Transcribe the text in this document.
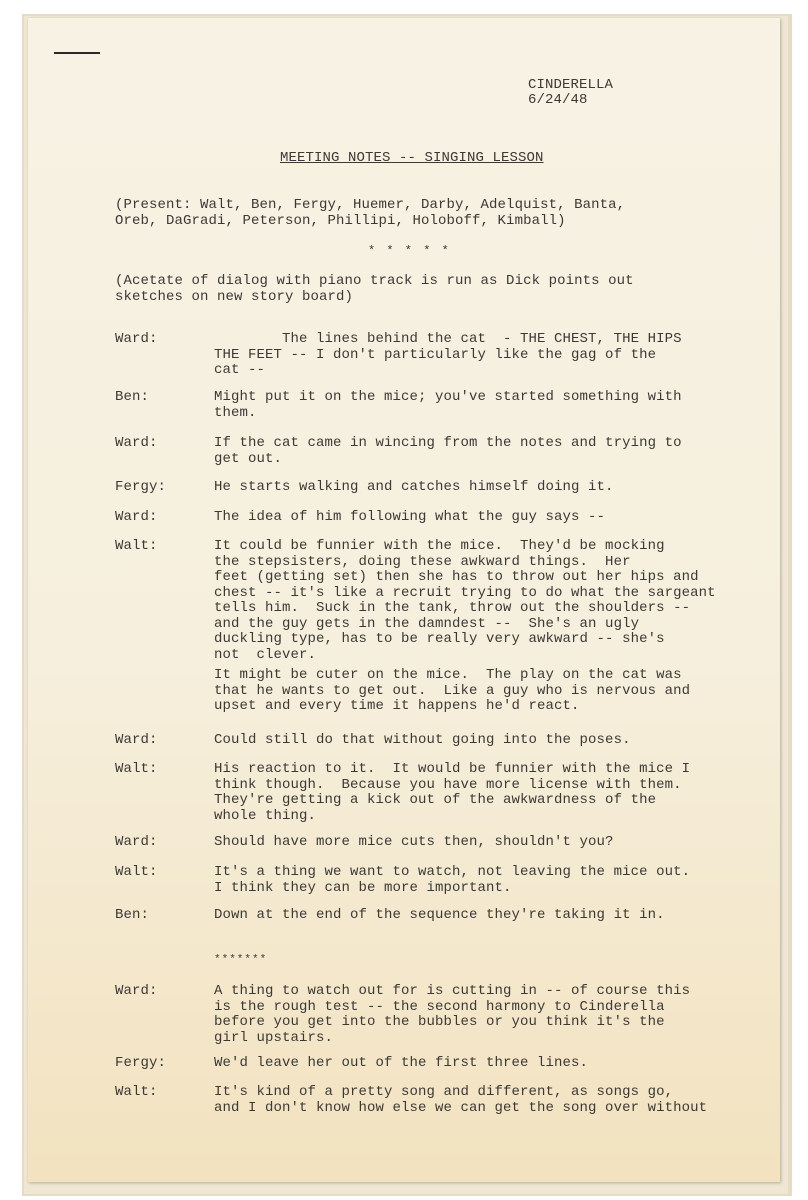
CINDERELLA
6/24/48
MEETING NOTES -- SINGING LESSON
(Present: Walt, Ben, Fergy, Huemer, Darby, Adelquist, Banta,
Oreb, DaGradi, Peterson, Phillipi, Holoboff, Kimball)
* * * * *
(Acetate of dialog with piano track is run as Dick points out
sketches on new story board)
Ward:	The lines behind the cat  - THE CHEST, THE HIPS
THE FEET -- I don't particularly like the gag of the
cat --
Ben:	Might put it on the mice; you've started something with
them.
Ward:	If the cat came in wincing from the notes and trying to
get out.
Fergy:	He starts walking and catches himself doing it.
Ward:	The idea of him following what the guy says --
Walt:	It could be funnier with the mice.  They'd be mocking
the stepsisters, doing these awkward things.  Her
feet (getting set) then she has to throw out her hips and
chest -- it's like a recruit trying to do what the sargeant
tells him.  Suck in the tank, throw out the shoulders --
and the guy gets in the damndest --  She's an ugly
duckling type, has to be really very awkward -- she's
not  clever.
It might be cuter on the mice.  The play on the cat was
that he wants to get out.  Like a guy who is nervous and
upset and every time it happens he'd react.
Ward:	Could still do that without going into the poses.
Walt:	His reaction to it.  It would be funnier with the mice I
think though.  Because you have more license with them.
They're getting a kick out of the awkwardness of the
whole thing.
Ward:	Should have more mice cuts then, shouldn't you?
Walt:	It's a thing we want to watch, not leaving the mice out.
I think they can be more important.
Ben:	Down at the end of the sequence they're taking it in.
Ward:	A thing to watch out for is cutting in -- of course this
is the rough test -- the second harmony to Cinderella
before you get into the bubbles or you think it's the
girl upstairs.
Fergy:	We'd leave her out of the first three lines.
Walt:	It's kind of a pretty song and different, as songs go,
and I don't know how else we can get the song over without
*******
